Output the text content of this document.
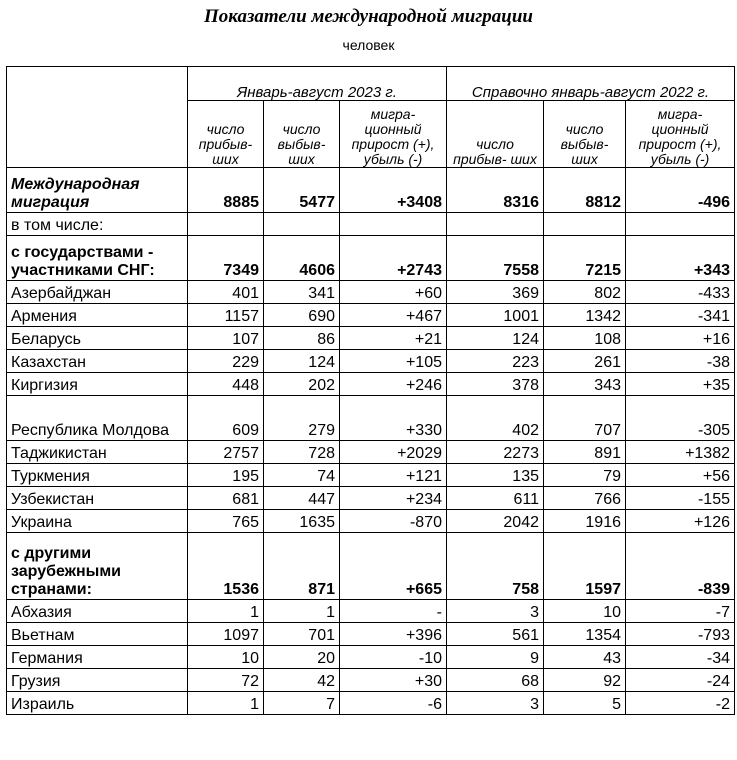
Показатели международной миграции
человек
	Январь-август 2023 г.			Справочно январь-август 2022 г.		
	число прибыв- ших	число выбыв- ших	мигра- ционный прирост (+), убыль (-)	число прибыв- ших	число выбыв- ших	мигра- ционный прирост (+), убыль (-)
Международная миграция	8885	5477	+3408	8316	8812	-496
в том числе:						
с государствами - участниками СНГ:	7349	4606	+2743	7558	7215	+343
Азербайджан	401	341	+60	369	802	-433
Армения	1157	690	+467	1001	1342	-341
Беларусь	107	86	+21	124	108	+16
Казахстан	229	124	+105	223	261	-38
Киргизия	448	202	+246	378	343	+35
Республика Молдова	609	279	+330	402	707	-305
Таджикистан	2757	728	+2029	2273	891	+1382
Туркмения	195	74	+121	135	79	+56
Узбекистан	681	447	+234	611	766	-155
Украина	765	1635	-870	2042	1916	+126
с другими зарубежными странами:	1536	871	+665	758	1597	-839
Абхазия	1	1	-	3	10	-7
Вьетнам	1097	701	+396	561	1354	-793
Германия	10	20	-10	9	43	-34
Грузия	72	42	+30	68	92	-24
Израиль	1	7	-6	3	5	-2
